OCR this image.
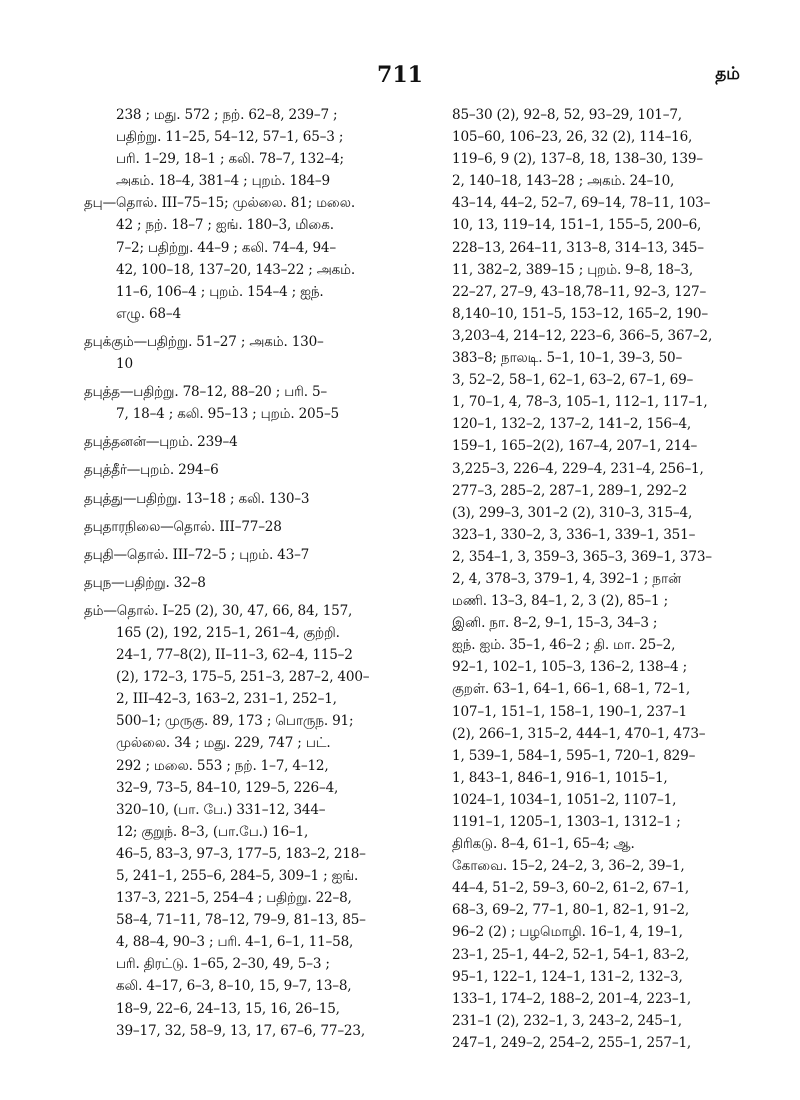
711	தம்
238 ; மது. 572 ; நற். 62–8, 239–7 ;
பதிற்று. 11–25, 54–12, 57–1, 65–3 ;
பரி. 1–29, 18–1 ; கலி. 78–7, 132–4;
அகம். 18–4, 381–4 ; புறம். 184–9
தபு—தொல். III–75–15; முல்லை. 81; மலை.
42 ; நற். 18–7 ; ஐங். 180–3, மிகை.
7–2; பதிற்று. 44–9 ; கலி. 74–4, 94–
42, 100–18, 137–20, 143–22 ; அகம்.
11–6, 106–4 ; புறம். 154–4 ; ஐந்.
எழு. 68–4
தபுக்கும்—பதிற்று. 51–27 ; அகம். 130–
10
தபுத்த—பதிற்று. 78–12, 88–20 ; பரி. 5–
7, 18–4 ; கலி. 95–13 ; புறம். 205–5
தபுத்தனன்—புறம். 239–4
தபுத்தீர்—புறம். 294–6
தபுத்து—பதிற்று. 13–18 ; கலி. 130–3
தபுதாரநிலை—தொல். III–77–28
தபுதி—தொல். III–72–5 ; புறம். 43–7
தபுந—பதிற்று. 32–8
தம்—தொல். I–25 (2), 30, 47, 66, 84, 157,
165 (2), 192, 215–1, 261–4, குற்றி.
24–1, 77–8(2), II–11–3, 62–4, 115–2
(2), 172–3, 175–5, 251–3, 287–2, 400–
2, III–42–3, 163–2, 231–1, 252–1,
500–1; முருகு. 89, 173 ; பொருந. 91;
முல்லை. 34 ; மது. 229, 747 ; பட்.
292 ; மலை. 553 ; நற். 1–7, 4–12,
32–9, 73–5, 84–10, 129–5, 226–4,
320–10, (பா. பே.) 331–12, 344–
12; குறுந். 8–3, (பா.பே.) 16–1,
46–5, 83–3, 97–3, 177–5, 183–2, 218–
5, 241–1, 255–6, 284–5, 309–1 ; ஐங்.
137–3, 221–5, 254–4 ; பதிற்று. 22–8,
58–4, 71–11, 78–12, 79–9, 81–13, 85–
4, 88–4, 90–3 ; பரி. 4–1, 6–1, 11–58,
பரி. திரட்டு. 1–65, 2–30, 49, 5–3 ;
கலி. 4–17, 6–3, 8–10, 15, 9–7, 13–8,
18–9, 22–6, 24–13, 15, 16, 26–15,
39–17, 32, 58–9, 13, 17, 67–6, 77–23,
85–30 (2), 92–8, 52, 93–29, 101–7,
105–60, 106–23, 26, 32 (2), 114–16,
119–6, 9 (2), 137–8, 18, 138–30, 139–
2, 140–18, 143–28 ; அகம். 24–10,
43–14, 44–2, 52–7, 69–14, 78–11, 103–
10, 13, 119–14, 151–1, 155–5, 200–6,
228–13, 264–11, 313–8, 314–13, 345–
11, 382–2, 389–15 ; புறம். 9–8, 18–3,
22–27, 27–9, 43–18,78–11, 92–3, 127–
8,140–10, 151–5, 153–12, 165–2, 190–
3,203–4, 214–12, 223–6, 366–5, 367–2,
383–8; நாலடி. 5–1, 10–1, 39–3, 50–
3, 52–2, 58–1, 62–1, 63–2, 67–1, 69–
1, 70–1, 4, 78–3, 105–1, 112–1, 117–1,
120–1, 132–2, 137–2, 141–2, 156–4,
159–1, 165–2(2), 167–4, 207–1, 214–
3,225–3, 226–4, 229–4, 231–4, 256–1,
277–3, 285–2, 287–1, 289–1, 292–2
(3), 299–3, 301–2 (2), 310–3, 315–4,
323–1, 330–2, 3, 336–1, 339–1, 351–
2, 354–1, 3, 359–3, 365–3, 369–1, 373–
2, 4, 378–3, 379–1, 4, 392–1 ; நான்
மணி. 13–3, 84–1, 2, 3 (2), 85–1 ;
இனி. நா. 8–2, 9–1, 15–3, 34–3 ;
ஐந். ஐம். 35–1, 46–2 ; தி. மா. 25–2,
92–1, 102–1, 105–3, 136–2, 138–4 ;
குறள். 63–1, 64–1, 66–1, 68–1, 72–1,
107–1, 151–1, 158–1, 190–1, 237–1
(2), 266–1, 315–2, 444–1, 470–1, 473–
1, 539–1, 584–1, 595–1, 720–1, 829–
1, 843–1, 846–1, 916–1, 1015–1,
1024–1, 1034–1, 1051–2, 1107–1,
1191–1, 1205–1, 1303–1, 1312–1 ;
திரிகடு. 8–4, 61–1, 65–4; ஆ.
கோவை. 15–2, 24–2, 3, 36–2, 39–1,
44–4, 51–2, 59–3, 60–2, 61–2, 67–1,
68–3, 69–2, 77–1, 80–1, 82–1, 91–2,
96–2 (2) ; பழமொழி. 16–1, 4, 19–1,
23–1, 25–1, 44–2, 52–1, 54–1, 83–2,
95–1, 122–1, 124–1, 131–2, 132–3,
133–1, 174–2, 188–2, 201–4, 223–1,
231–1 (2), 232–1, 3, 243–2, 245–1,
247–1, 249–2, 254–2, 255–1, 257–1,
